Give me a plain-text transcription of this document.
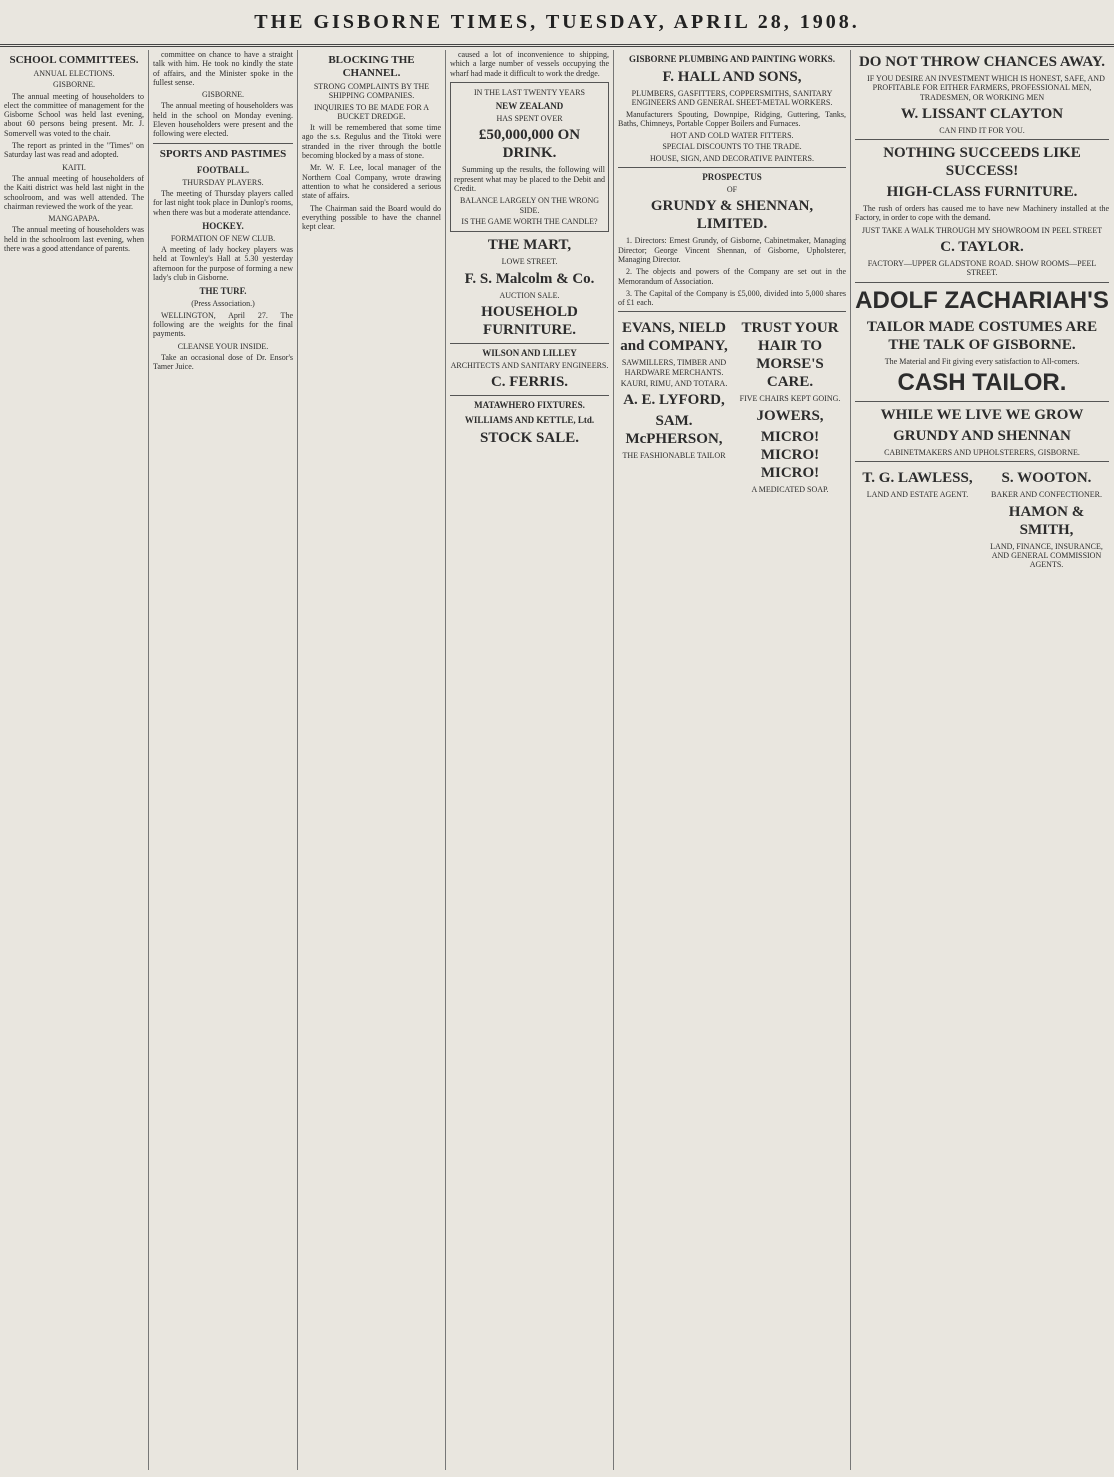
THE GISBORNE TIMES, TUESDAY, APRIL 28, 1908.
SCHOOL COMMITTEES.
ANNUAL ELECTIONS.
GISBORNE.

The annual meeting of householders to elect the committee of management for the Gisborne School was held last evening, about 60 persons being present. Mr. J. Somervell was voted to the chair.

The report as printed in the "Times" on Saturday last was read and adopted.

KAITI.

The annual meeting of householders of the Kaiti district was held last night in the schoolroom, and was well attended. The chairman reviewed the work of the year.

MANGAPAPA.

The annual meeting of householders was held in the schoolroom last evening, when there was a good attendance of parents.

committee on chance to have a straight talk with him. He took no kindly the state of affairs, and the Minister spoke in the fullest sense.

GISBORNE.

The annual meeting of householders was held in the school on Monday evening. Eleven householders were present and the following were elected.

SPORTS AND PASTIMES
FOOTBALL.
THURSDAY PLAYERS.

The meeting of Thursday players called for last night took place in Dunlop's rooms, when there was but a moderate attendance.

HOCKEY.
FORMATION OF NEW CLUB.

A meeting of lady hockey players was held at Townley's Hall at 5.30 yesterday afternoon for the purpose of forming a new lady's club in Gisborne.

THE TURF.
(Press Association.)

WELLINGTON, April 27. The following are the weights for the final payments.

CLEANSE YOUR INSIDE.

Take an occasional dose of Dr. Ensor's Tamer Juice.

BLOCKING THE CHANNEL.
STRONG COMPLAINTS BY THE SHIPPING COMPANIES.
INQUIRIES TO BE MADE FOR A BUCKET DREDGE.

It will be remembered that some time ago the s.s. Regulus and the Titoki were stranded in the river through the bottle becoming blocked by a mass of stone.

Mr. W. F. Lee, local manager of the Northern Coal Company, wrote drawing attention to what he considered a serious state of affairs.

The Chairman said the Board would do everything possible to have the channel kept clear.

caused a lot of inconvenience to shipping, which a large number of vessels occupying the wharf had made it difficult to work the dredge.

IN THE LAST TWENTY YEARS
NEW ZEALAND
HAS SPENT OVER
£50,000,000 ON DRINK.

Summing up the results, the following will represent what may be placed to the Debit and Credit.

BALANCE LARGELY ON THE WRONG SIDE.
IS THE GAME WORTH THE CANDLE?
THE MART,
LOWE STREET.
F. S. Malcolm & Co.
AUCTION SALE.
HOUSEHOLD FURNITURE.
WILSON AND LILLEY
ARCHITECTS AND SANITARY ENGINEERS.
C. FERRIS.
MATAWHERO FIXTURES.
WILLIAMS AND KETTLE, Ltd.
STOCK SALE.
GISBORNE PLUMBING AND PAINTING WORKS.
F. HALL AND SONS,
PLUMBERS, GASFITTERS, COPPERSMITHS, SANITARY ENGINEERS AND GENERAL SHEET-METAL WORKERS.

Manufacturers Spouting, Downpipe, Ridging, Guttering, Tanks, Baths, Chimneys, Portable Copper Boilers and Furnaces.

HOT AND COLD WATER FITTERS.
SPECIAL DISCOUNTS TO THE TRADE.
HOUSE, SIGN, AND DECORATIVE PAINTERS.
PROSPECTUS
OF
GRUNDY & SHENNAN, LIMITED.

1. Directors: Ernest Grundy, of Gisborne, Cabinetmaker, Managing Director; George Vincent Shennan, of Gisborne, Upholsterer, Managing Director.

2. The objects and powers of the Company are set out in the Memorandum of Association.

3. The Capital of the Company is £5,000, divided into 5,000 shares of £1 each.

EVANS, NIELD and COMPANY,
SAWMILLERS, TIMBER AND HARDWARE MERCHANTS.
KAURI, RIMU, AND TOTARA.
A. E. LYFORD,
SAM. McPHERSON,
THE FASHIONABLE TAILOR
TRUST YOUR HAIR TO MORSE'S CARE.
FIVE CHAIRS KEPT GOING.
JOWERS,
MICRO! MICRO! MICRO!
A MEDICATED SOAP.
DO NOT THROW CHANCES AWAY.

IF YOU DESIRE AN INVESTMENT WHICH IS HONEST, SAFE, AND PROFITABLE FOR EITHER FARMERS, PROFESSIONAL MEN, TRADESMEN, OR WORKING MEN

W. LISSANT CLAYTON
CAN FIND IT FOR YOU.
NOTHING SUCCEEDS LIKE SUCCESS!
HIGH-CLASS FURNITURE.

The rush of orders has caused me to have new Machinery installed at the Factory, in order to cope with the demand.

JUST TAKE A WALK THROUGH MY SHOWROOM IN PEEL STREET
C. TAYLOR.
FACTORY—UPPER GLADSTONE ROAD. SHOW ROOMS—PEEL STREET.
ADOLF ZACHARIAH'S
TAILOR MADE COSTUMES ARE THE TALK OF GISBORNE.
The Material and Fit giving every satisfaction to All-comers.
CASH TAILOR.
WHILE WE LIVE WE GROW
GRUNDY AND SHENNAN
CABINETMAKERS AND UPHOLSTERERS, GISBORNE.
T. G. LAWLESS,
LAND AND ESTATE AGENT.
S. WOOTON.
BAKER AND CONFECTIONER.
HAMON & SMITH,
LAND, FINANCE, INSURANCE, AND GENERAL COMMISSION AGENTS.
